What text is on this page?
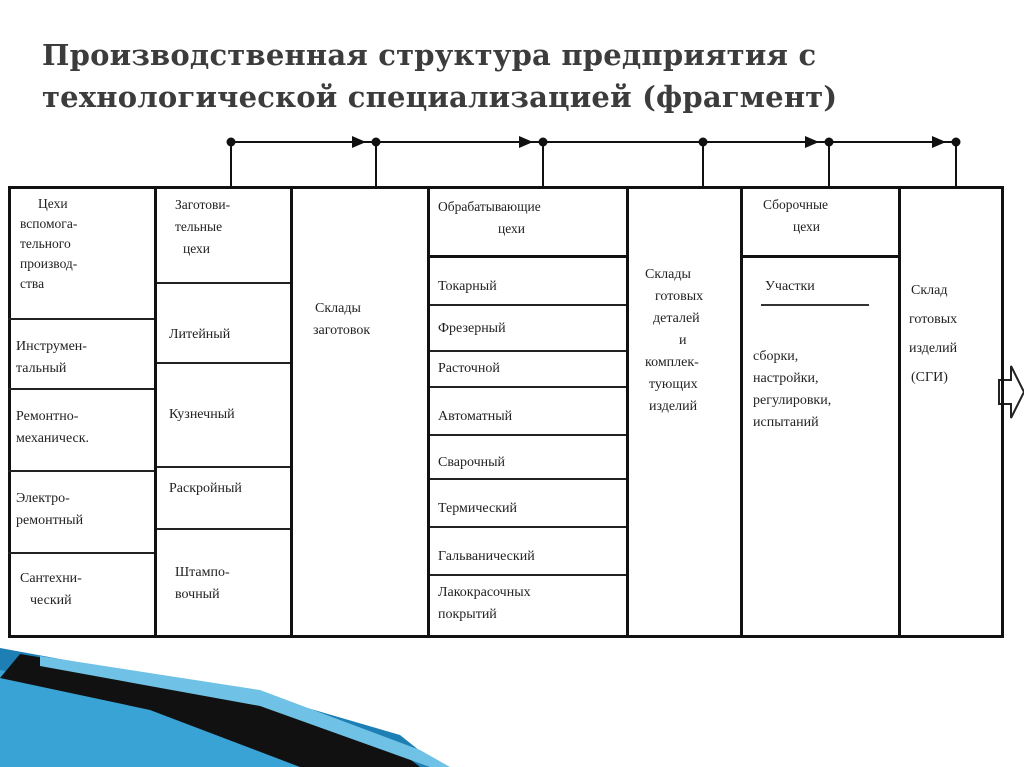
Производственная структура предприятия с
технологической специализацией (фрагмент)
Цехи
вспомога-
тельного
производ-
ства
Инструмен-
тальный
Ремонтно-
механическ.
Электро-
ремонтный
Сантехни-
ческий
Заготови-
тельные
цехи
Литейный
Кузнечный
Раскройный
Штампо-
вочный
Склады
заготовок
Обрабатывающие
цехи
Токарный
Фрезерный
Расточной
Автоматный
Сварочный
Термический
Гальванический
Лакокрасочных
покрытий
Склады
готовых
деталей
и
комплек-
тующих
изделий
Сборочные
цехи
Участки
сборки,
настройки,
регулировки,
испытаний
Склад
готовых
изделий
(СГИ)
